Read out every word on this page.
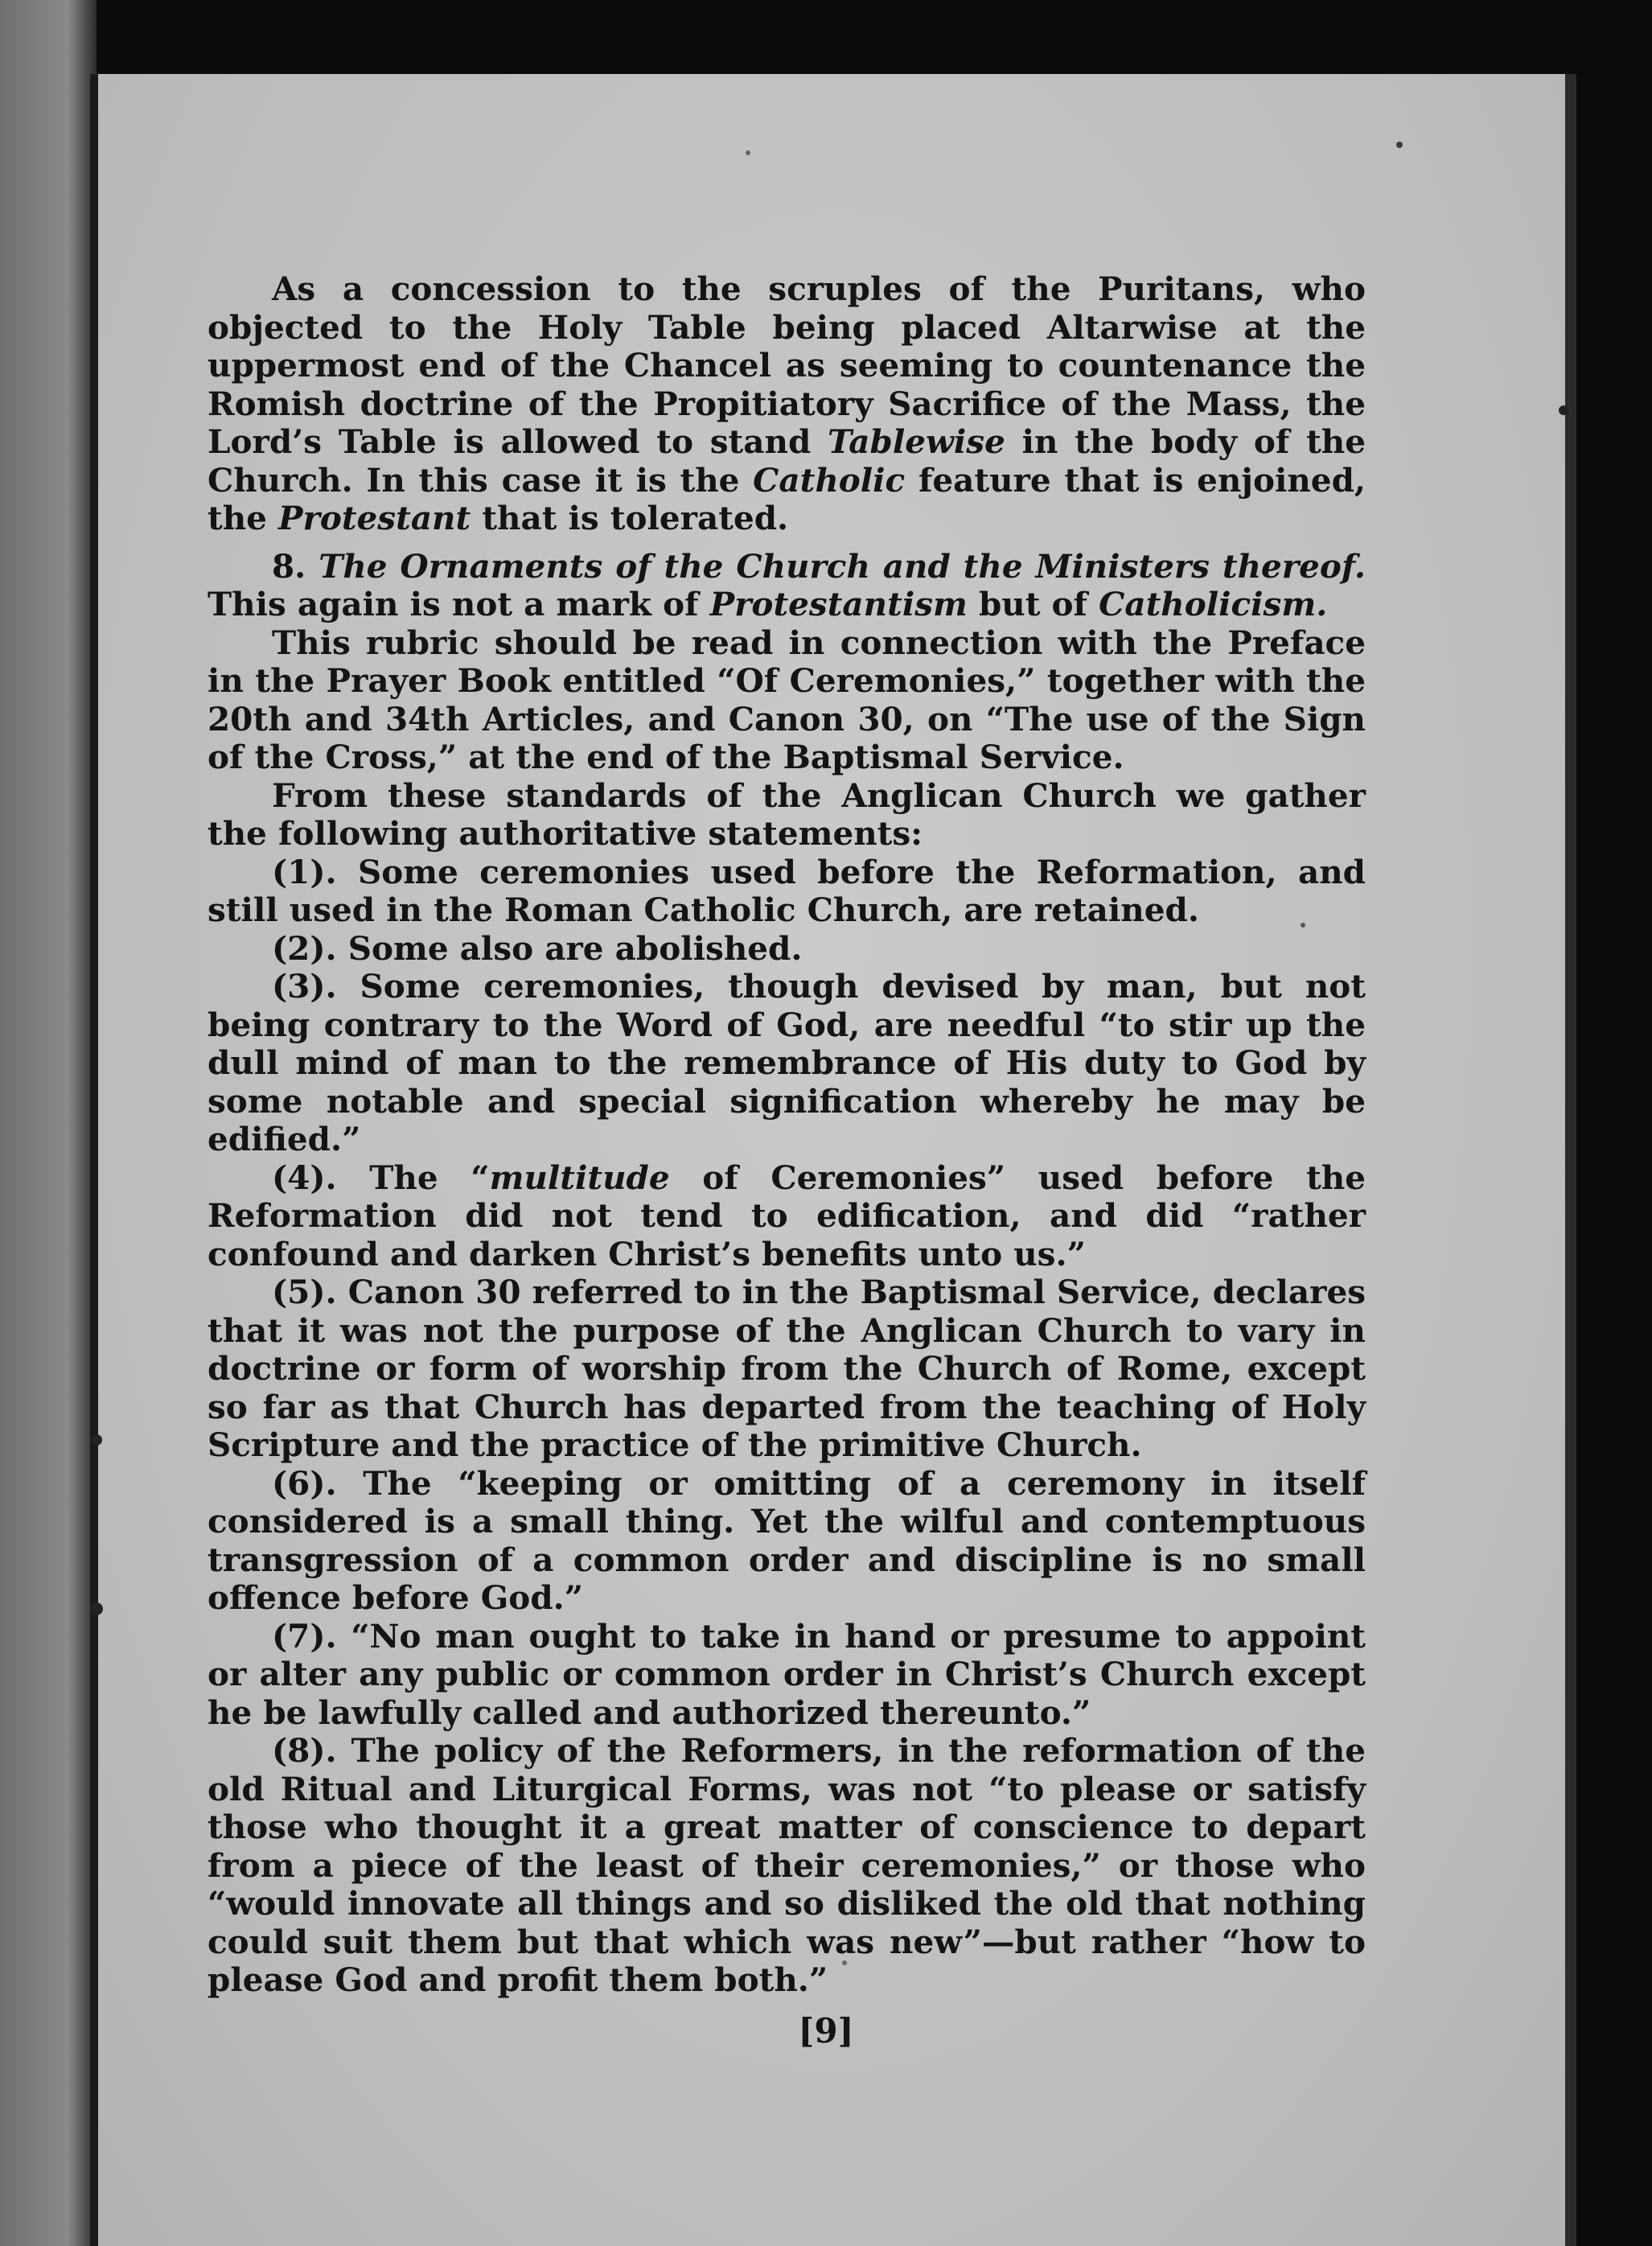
As a concession to the scruples of the Puritans, who objected to the Holy Table being placed Altarwise at the uppermost end of the Chancel as seeming to countenance the Romish doctrine of the Propitiatory Sacrifice of the Mass, the Lord’s Table is allowed to stand Tablewise in the body of the Church. In this case it is the Catholic feature that is enjoined, the Protestant that is tolerated.

8. The Ornaments of the Church and the Ministers thereof. This again is not a mark of Protestantism but of Catholicism.

This rubric should be read in connection with the Preface in the Prayer Book entitled “Of Ceremonies,” together with the 20th and 34th Articles, and Canon 30, on “The use of the Sign of the Cross,” at the end of the Baptismal Service.

From these standards of the Anglican Church we gather the following authoritative statements:

(1). Some ceremonies used before the Reformation, and still used in the Roman Catholic Church, are retained.

(2). Some also are abolished.

(3). Some ceremonies, though devised by man, but not being contrary to the Word of God, are needful “to stir up the dull mind of man to the remembrance of His duty to God by some notable and special signification whereby he may be edified.”

(4). The “multitude of Ceremonies” used before the Reformation did not tend to edification, and did “rather confound and darken Christ’s benefits unto us.”

(5). Canon 30 referred to in the Baptismal Service, declares that it was not the purpose of the Anglican Church to vary in doctrine or form of worship from the Church of Rome, except so far as that Church has departed from the teaching of Holy Scripture and the practice of the primitive Church.

(6). The “keeping or omitting of a ceremony in itself considered is a small thing. Yet the wilful and contemptuous transgression of a common order and discipline is no small offence before God.”

(7). “No man ought to take in hand or presume to appoint or alter any public or common order in Christ’s Church except he be lawfully called and authorized thereunto.”

(8). The policy of the Reformers, in the reformation of the old Ritual and Liturgical Forms, was not “to please or satisfy those who thought it a great matter of conscience to depart from a piece of the least of their ceremonies,” or those who “would innovate all things and so disliked the old that nothing could suit them but that which was new”—but rather “how to please God and profit them both.”

[9]
